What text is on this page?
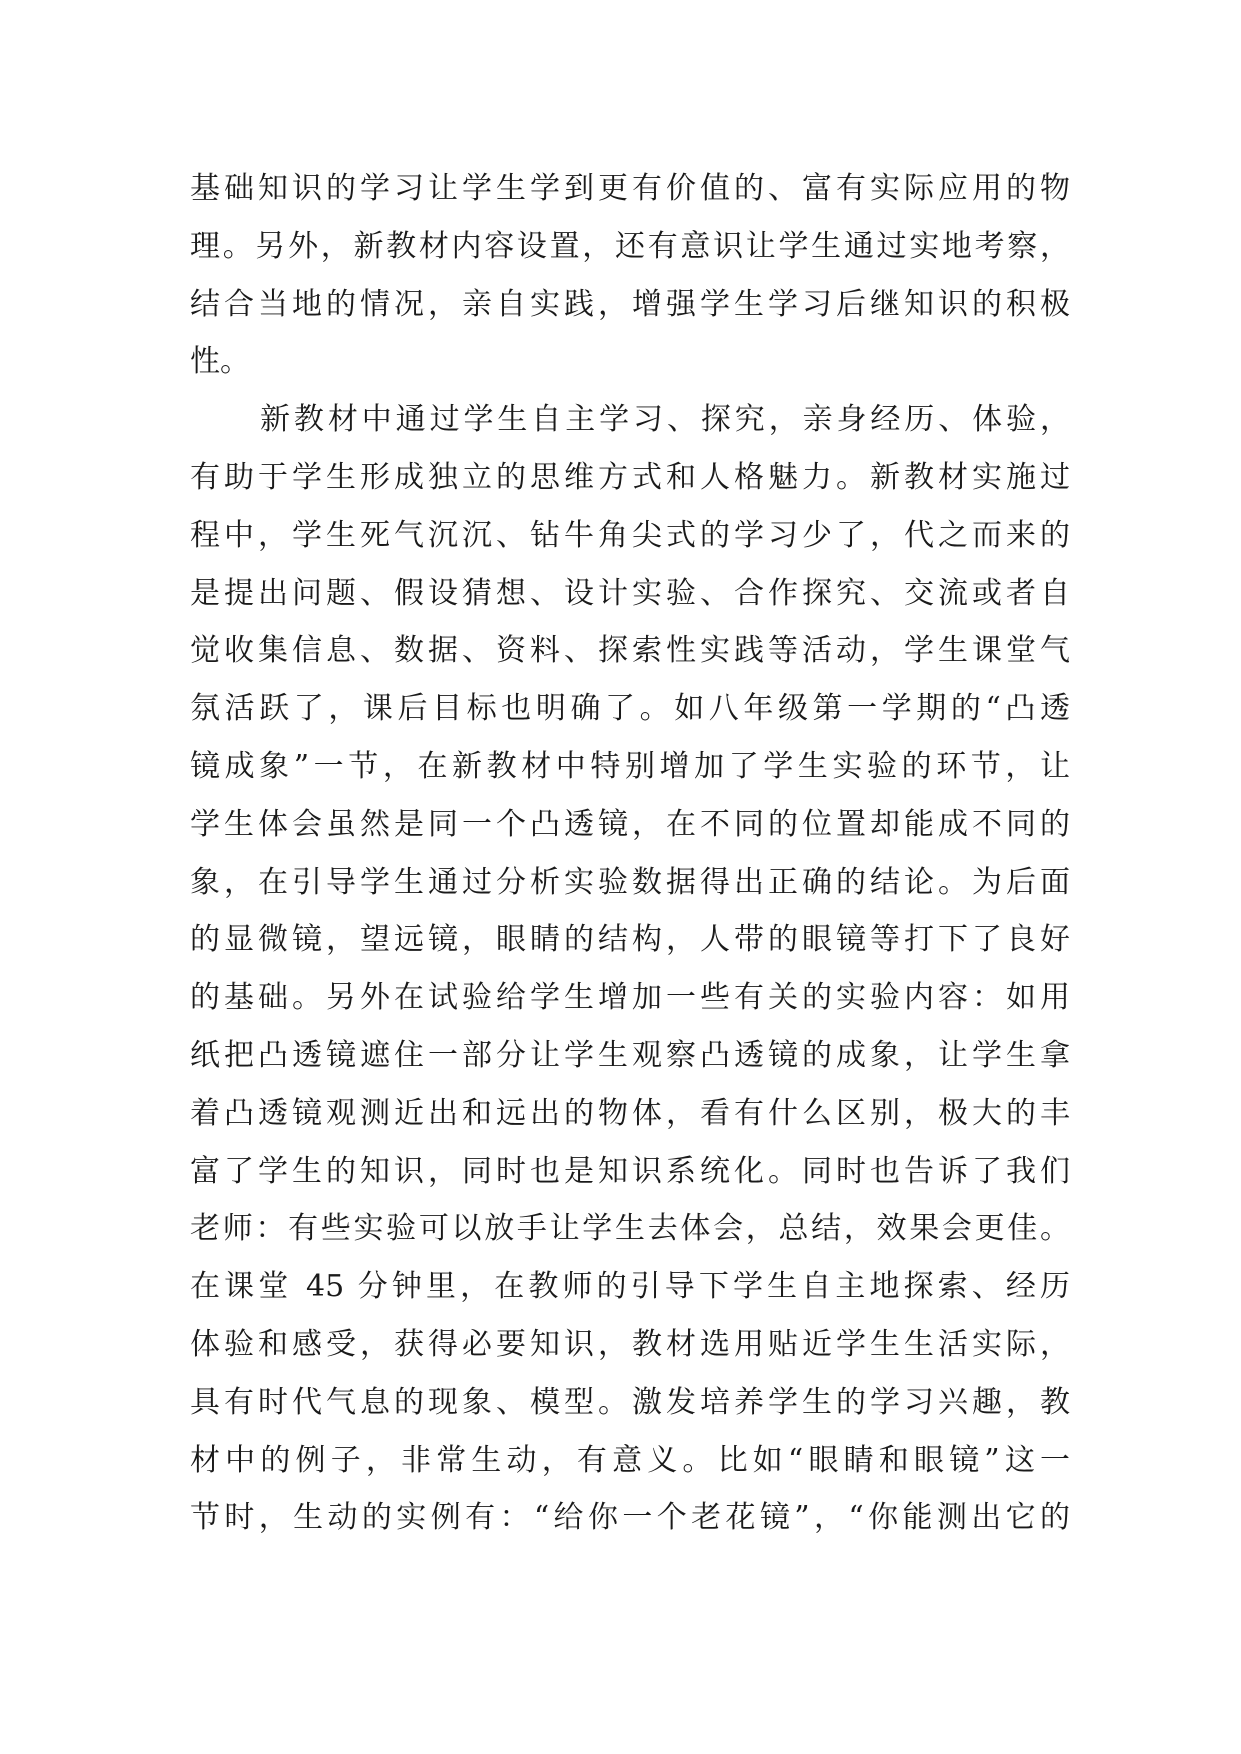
基础知识的学习让学生学到更有价值的、富有实际应用的物
理。另外，新教材内容设置，还有意识让学生通过实地考察，
结合当地的情况，亲自实践，增强学生学习后继知识的积极
性。
新教材中通过学生自主学习、探究，亲身经历、体验，
有助于学生形成独立的思维方式和人格魅力。新教材实施过
程中，学生死气沉沉、钻牛角尖式的学习少了，代之而来的
是提出问题、假设猜想、设计实验、合作探究、交流或者自
觉收集信息、数据、资料、探索性实践等活动，学生课堂气
氛活跃了，课后目标也明确了。如八年级第一学期的“凸透
镜成象”一节，在新教材中特别增加了学生实验的环节，让
学生体会虽然是同一个凸透镜，在不同的位置却能成不同的
象，在引导学生通过分析实验数据得出正确的结论。为后面
的显微镜，望远镜，眼睛的结构，人带的眼镜等打下了良好
的基础。另外在试验给学生增加一些有关的实验内容：如用
纸把凸透镜遮住一部分让学生观察凸透镜的成象，让学生拿
着凸透镜观测近出和远出的物体，看有什么区别，极大的丰
富了学生的知识，同时也是知识系统化。同时也告诉了我们
老师：有些实验可以放手让学生去体会，总结，效果会更佳。
在课堂 45 分钟里，在教师的引导下学生自主地探索、经历
体验和感受，获得必要知识，教材选用贴近学生生活实际，
具有时代气息的现象、模型。激发培养学生的学习兴趣，教
材中的例子，非常生动，有意义。比如“眼睛和眼镜”这一
节时，生动的实例有：“给你一个老花镜”，“你能测出它的
